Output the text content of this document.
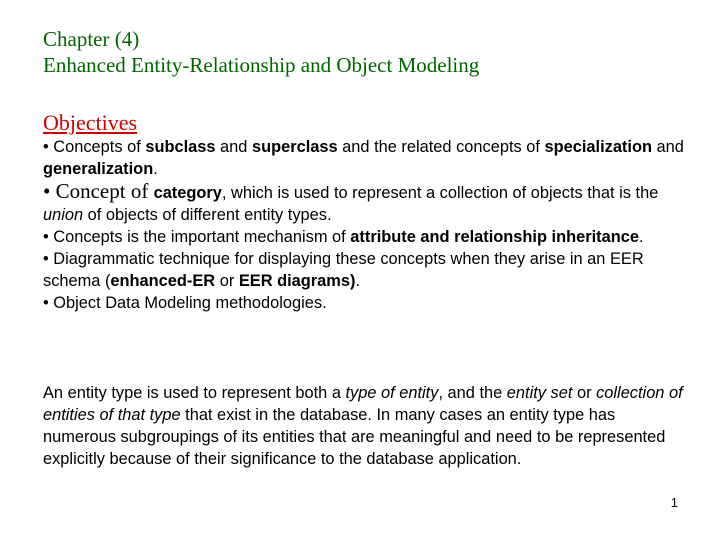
Chapter (4)
Enhanced Entity-Relationship and Object Modeling
Objectives

• Concepts of subclass and superclass and the related concepts of specialization and generalization.

• Concept of category, which is used to represent a collection of objects that is the union of objects of different entity types.

• Concepts is the important mechanism of attribute and relationship inheritance.

• Diagrammatic technique for displaying these concepts when they arise in an EER schema (enhanced-ER or EER diagrams).

• Object Data Modeling methodologies.

An entity type is used to represent both a type of entity, and the entity set or collection of entities of that type that exist in the database. In many cases an entity type has numerous subgroupings of its entities that are meaningful and need to be represented explicitly because of their significance to the database application.

1
